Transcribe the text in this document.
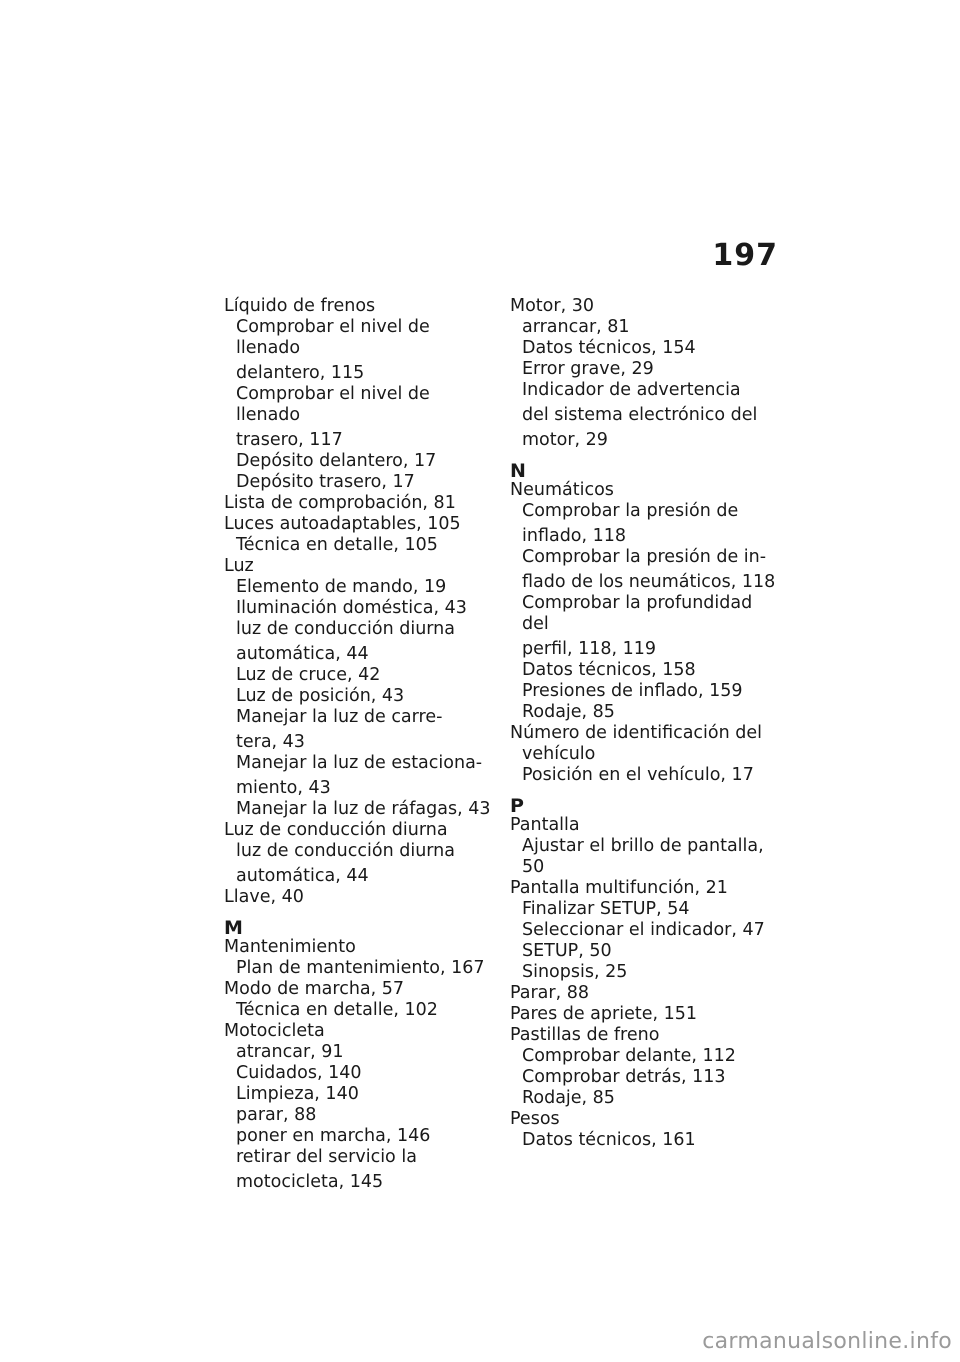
197
Líquido de frenos
Comprobar el nivel de llenado
delantero, 115
Comprobar el nivel de llenado
trasero, 117
Depósito delantero, 17
Depósito trasero, 17
Lista de comprobación, 81
Luces autoadaptables, 105
Técnica en detalle, 105
Luz
Elemento de mando, 19
Iluminación doméstica, 43
luz de conducción diurna
automática, 44
Luz de cruce, 42
Luz de posición, 43
Manejar la luz de carre-
tera, 43
Manejar la luz de estaciona-
miento, 43
Manejar la luz de ráfagas, 43
Luz de conducción diurna
luz de conducción diurna
automática, 44
Llave, 40
M
Mantenimiento
Plan de mantenimiento, 167
Modo de marcha, 57
Técnica en detalle, 102
Motocicleta
atrancar, 91
Cuidados, 140
Limpieza, 140
parar, 88
poner en marcha, 146
retirar del servicio la
motocicleta, 145
Motor, 30
arrancar, 81
Datos técnicos, 154
Error grave, 29
Indicador de advertencia
del sistema electrónico del
motor, 29
N
Neumáticos
Comprobar la presión de
inflado, 118
Comprobar la presión de in-
flado de los neumáticos, 118
Comprobar la profundidad del
perfil, 118, 119
Datos técnicos, 158
Presiones de inflado, 159
Rodaje, 85
Número de identificación del
vehículo
Posición en el vehículo, 17
P
Pantalla
Ajustar el brillo de pantalla, 50
Pantalla multifunción, 21
Finalizar SETUP, 54
Seleccionar el indicador, 47
SETUP, 50
Sinopsis, 25
Parar, 88
Pares de apriete, 151
Pastillas de freno
Comprobar delante, 112
Comprobar detrás, 113
Rodaje, 85
Pesos
Datos técnicos, 161
carmanualsonline.info
